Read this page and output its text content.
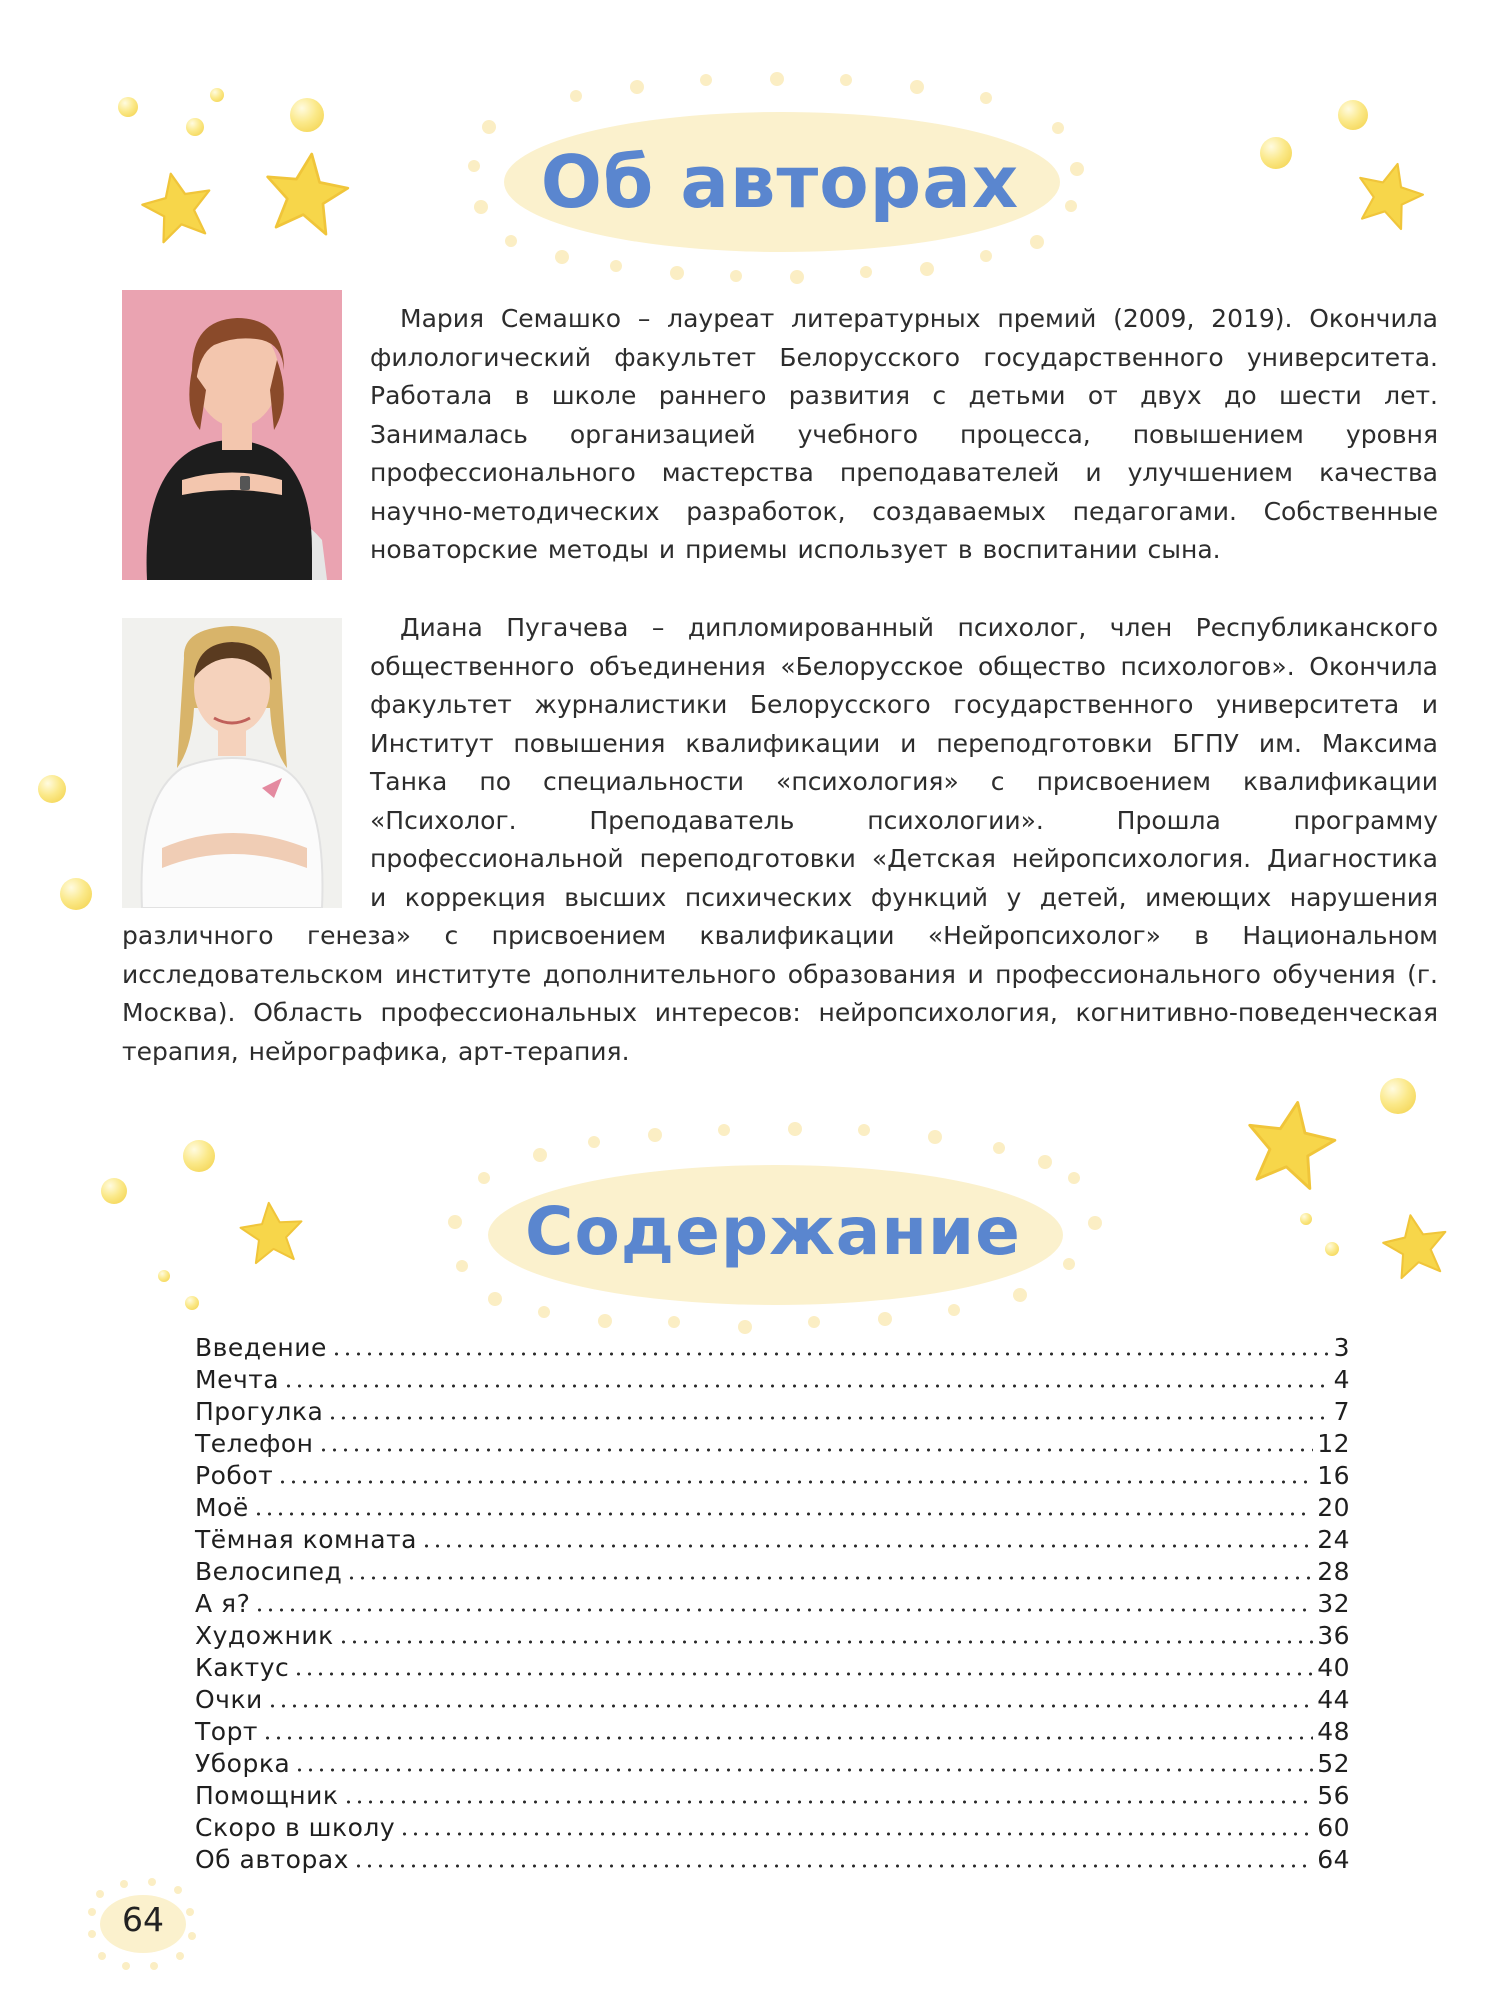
Об авторах

Мария Семашко – лауреат литературных премий (2009, 2019). Окончила филологический факультет Белорусского государственного университета. Работала в школе раннего развития с детьми от двух до шести лет. Занималась организацией учебного процесса, повышением уровня профессионального мастерства преподавателей и улучшением качества научно-методических разработок, создаваемых педагогами. Собственные новаторские методы и приемы использует в воспитании сына.

Диана Пугачева – дипломированный психолог, член Республиканского общественного объединения «Белорусское общество психологов». Окончила факультет журналистики Белорусского государственного университета и Институт повышения квалификации и переподготовки БГПУ им. Максима Танка по специальности «психология» с присвоением квалификации «Психолог. Преподаватель психологии». Прошла программу профессиональной переподготовки «Детская нейропсихология. Диагностика и коррекция высших психических функций у детей, имеющих нарушения различного генеза» с присвоением квалификации «Нейропсихолог» в Национальном исследовательском институте дополнительного образования и профессионального обучения (г. Москва). Область профессиональных интересов: нейропсихология, когнитивно-поведенческая терапия, нейрографика, арт-терапия.

Содержание
Введение	3
Мечта	4
Прогулка	7
Телефон	12
Робот	16
Моё	20
Тёмная комната	24
Велосипед	28
А я?	32
Художник	36
Кактус	40
Очки	44
Торт	48
Уборка	52
Помощник	56
Скоро в школу	60
Об авторах	64
64
